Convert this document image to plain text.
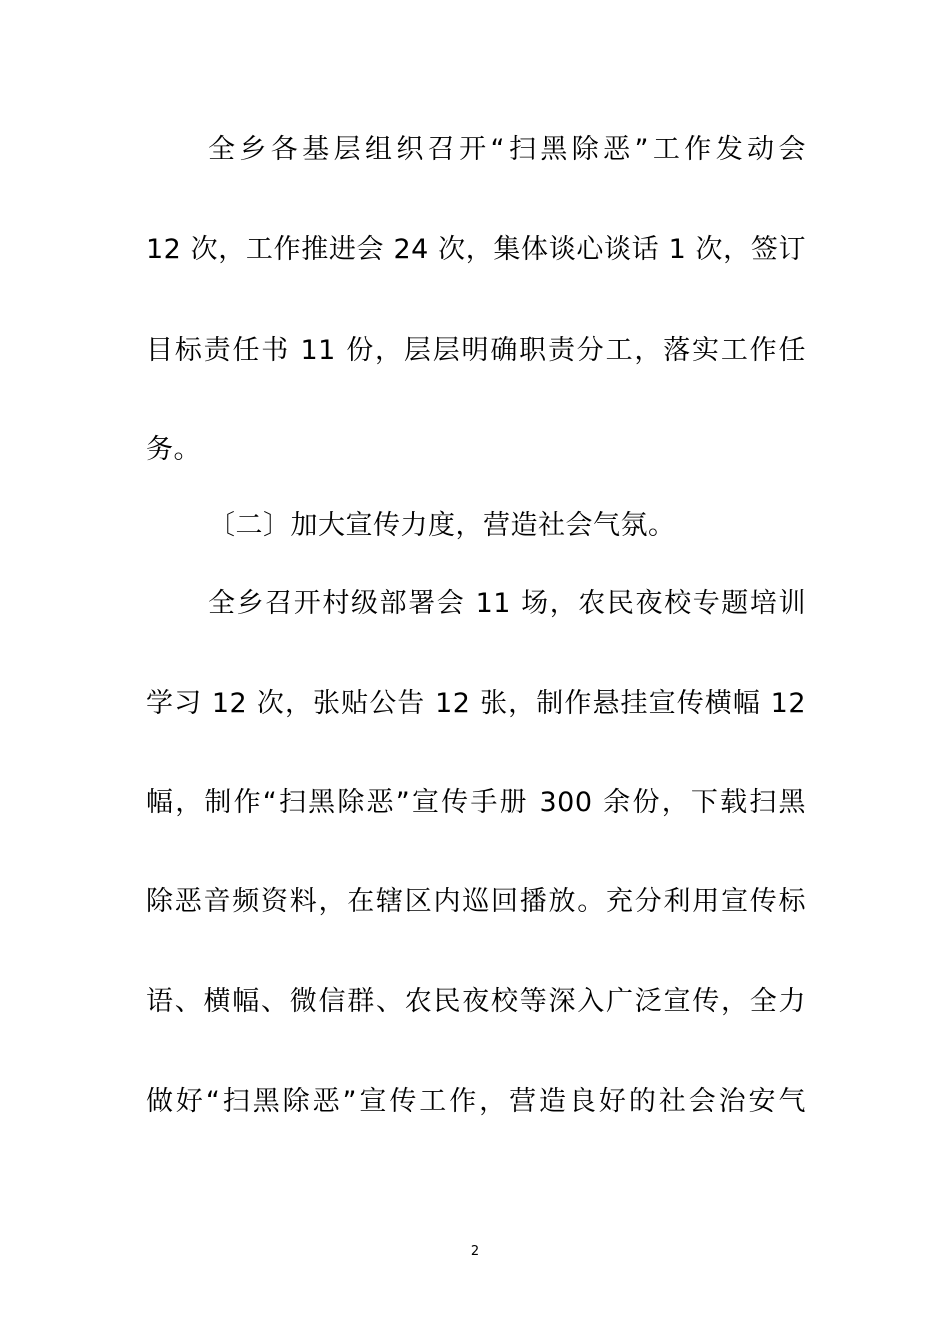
全乡各基层组织召开“扫黑除恶”工作发动会
12 次，工作推进会 24 次，集体谈心谈话 1 次，签订
目标责任书 11 份，层层明确职责分工，落实工作任
务。
〔二〕加大宣传力度，营造社会气氛。
全乡召开村级部署会 11 场，农民夜校专题培训
学习 12 次，张贴公告 12 张，制作悬挂宣传横幅 12
幅，制作“扫黑除恶”宣传手册 300 余份，下载扫黑
除恶音频资料，在辖区内巡回播放。充分利用宣传标
语、横幅、微信群、农民夜校等深入广泛宣传，全力
做好“扫黑除恶”宣传工作，营造良好的社会治安气
2
